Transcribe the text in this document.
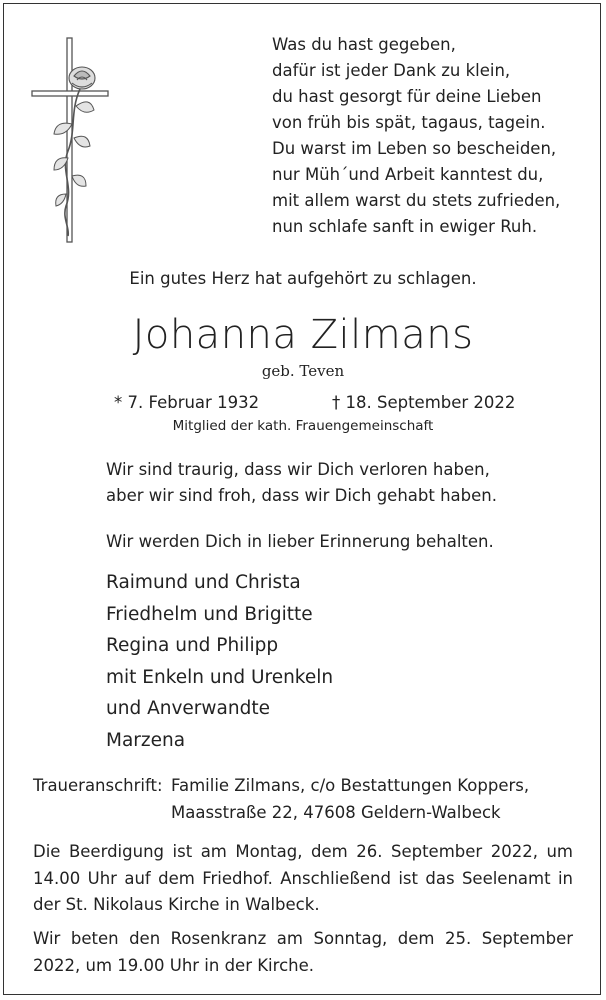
Was du hast gegeben,
dafür ist jeder Dank zu klein,
du hast gesorgt für deine Lieben
von früh bis spät, tagaus, tagein.
Du warst im Leben so bescheiden,
nur Müh´und Arbeit kanntest du,
mit allem warst du stets zufrieden,
nun schlafe sanft in ewiger Ruh.
Ein gutes Herz hat aufgehört zu schlagen.
Johanna Zilmans
geb. Teven
* 7. Februar 1932	† 18. September 2022
Mitglied der kath. Frauengemeinschaft
Wir sind traurig, dass wir Dich verloren haben,
aber wir sind froh, dass wir Dich gehabt haben.
Wir werden Dich in lieber Erinnerung behalten.
Raimund und Christa
Friedhelm und Brigitte
Regina und Philipp
mit Enkeln und Urenkeln
und Anverwandte
Marzena
Traueranschrift: Familie Zilmans, c/o Bestattungen Koppers,
Maasstraße 22, 47608 Geldern-Walbeck
Die Beerdigung ist am Montag, dem 26. September 2022, um
14.00 Uhr auf dem Friedhof. Anschließend ist das Seelenamt in
der St. Nikolaus Kirche in Walbeck.
Wir beten den Rosenkranz am Sonntag, dem 25. September
2022, um 19.00 Uhr in der Kirche.
